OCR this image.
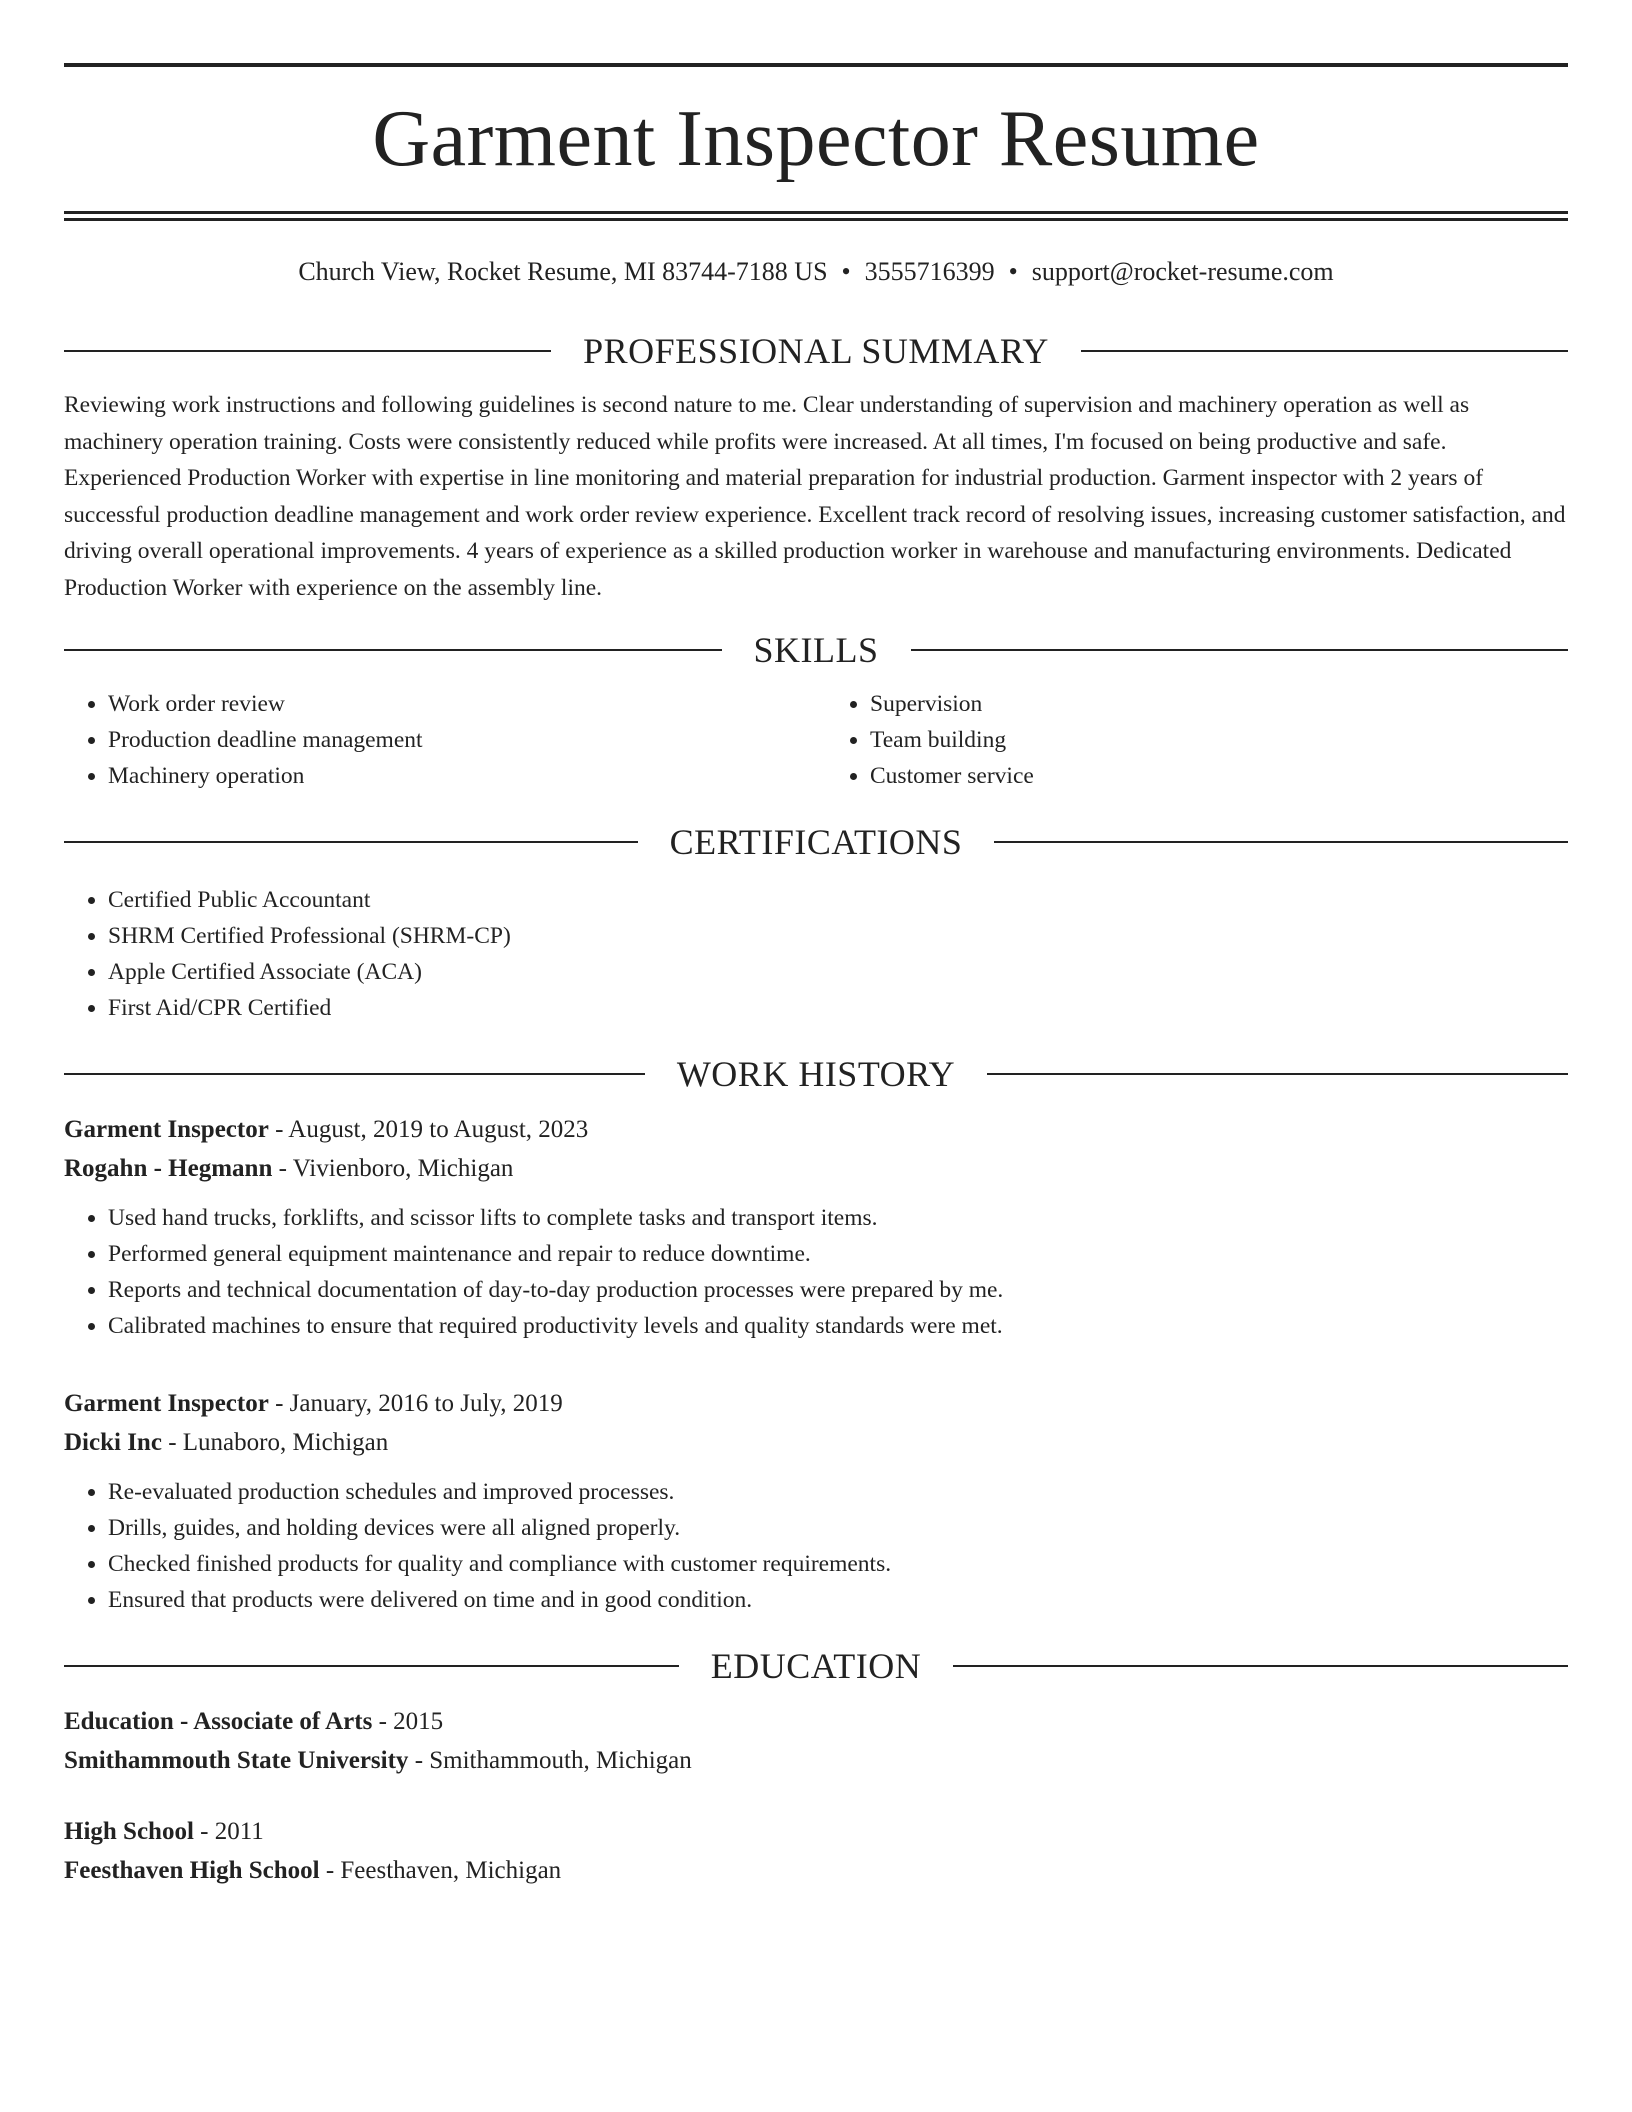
Garment Inspector Resume
Church View, Rocket Resume, MI 83744-7188 US • 3555716399 • support@rocket-resume.com
PROFESSIONAL SUMMARY

Reviewing work instructions and following guidelines is second nature to me. Clear understanding of supervision and machinery operation as well as machinery operation training. Costs were consistently reduced while profits were increased. At all times, I'm focused on being productive and safe. Experienced Production Worker with expertise in line monitoring and material preparation for industrial production. Garment inspector with 2 years of successful production deadline management and work order review experience. Excellent track record of resolving issues, increasing customer satisfaction, and driving overall operational improvements. 4 years of experience as a skilled production worker in warehouse and manufacturing environments. Dedicated Production Worker with experience on the assembly line.

SKILLS
• Work order review
• Production deadline management
• Machinery operation
• Supervision
• Team building
• Customer service
CERTIFICATIONS
• Certified Public Accountant
• SHRM Certified Professional (SHRM-CP)
• Apple Certified Associate (ACA)
• First Aid/CPR Certified
WORK HISTORY
Garment Inspector - August, 2019 to August, 2023
Rogahn - Hegmann - Vivienboro, Michigan
• Used hand trucks, forklifts, and scissor lifts to complete tasks and transport items.
• Performed general equipment maintenance and repair to reduce downtime.
• Reports and technical documentation of day-to-day production processes were prepared by me.
• Calibrated machines to ensure that required productivity levels and quality standards were met.
Garment Inspector - January, 2016 to July, 2019
Dicki Inc - Lunaboro, Michigan
• Re-evaluated production schedules and improved processes.
• Drills, guides, and holding devices were all aligned properly.
• Checked finished products for quality and compliance with customer requirements.
• Ensured that products were delivered on time and in good condition.
EDUCATION
Education - Associate of Arts - 2015
Smithammouth State University - Smithammouth, Michigan
High School - 2011
Feesthaven High School - Feesthaven, Michigan
